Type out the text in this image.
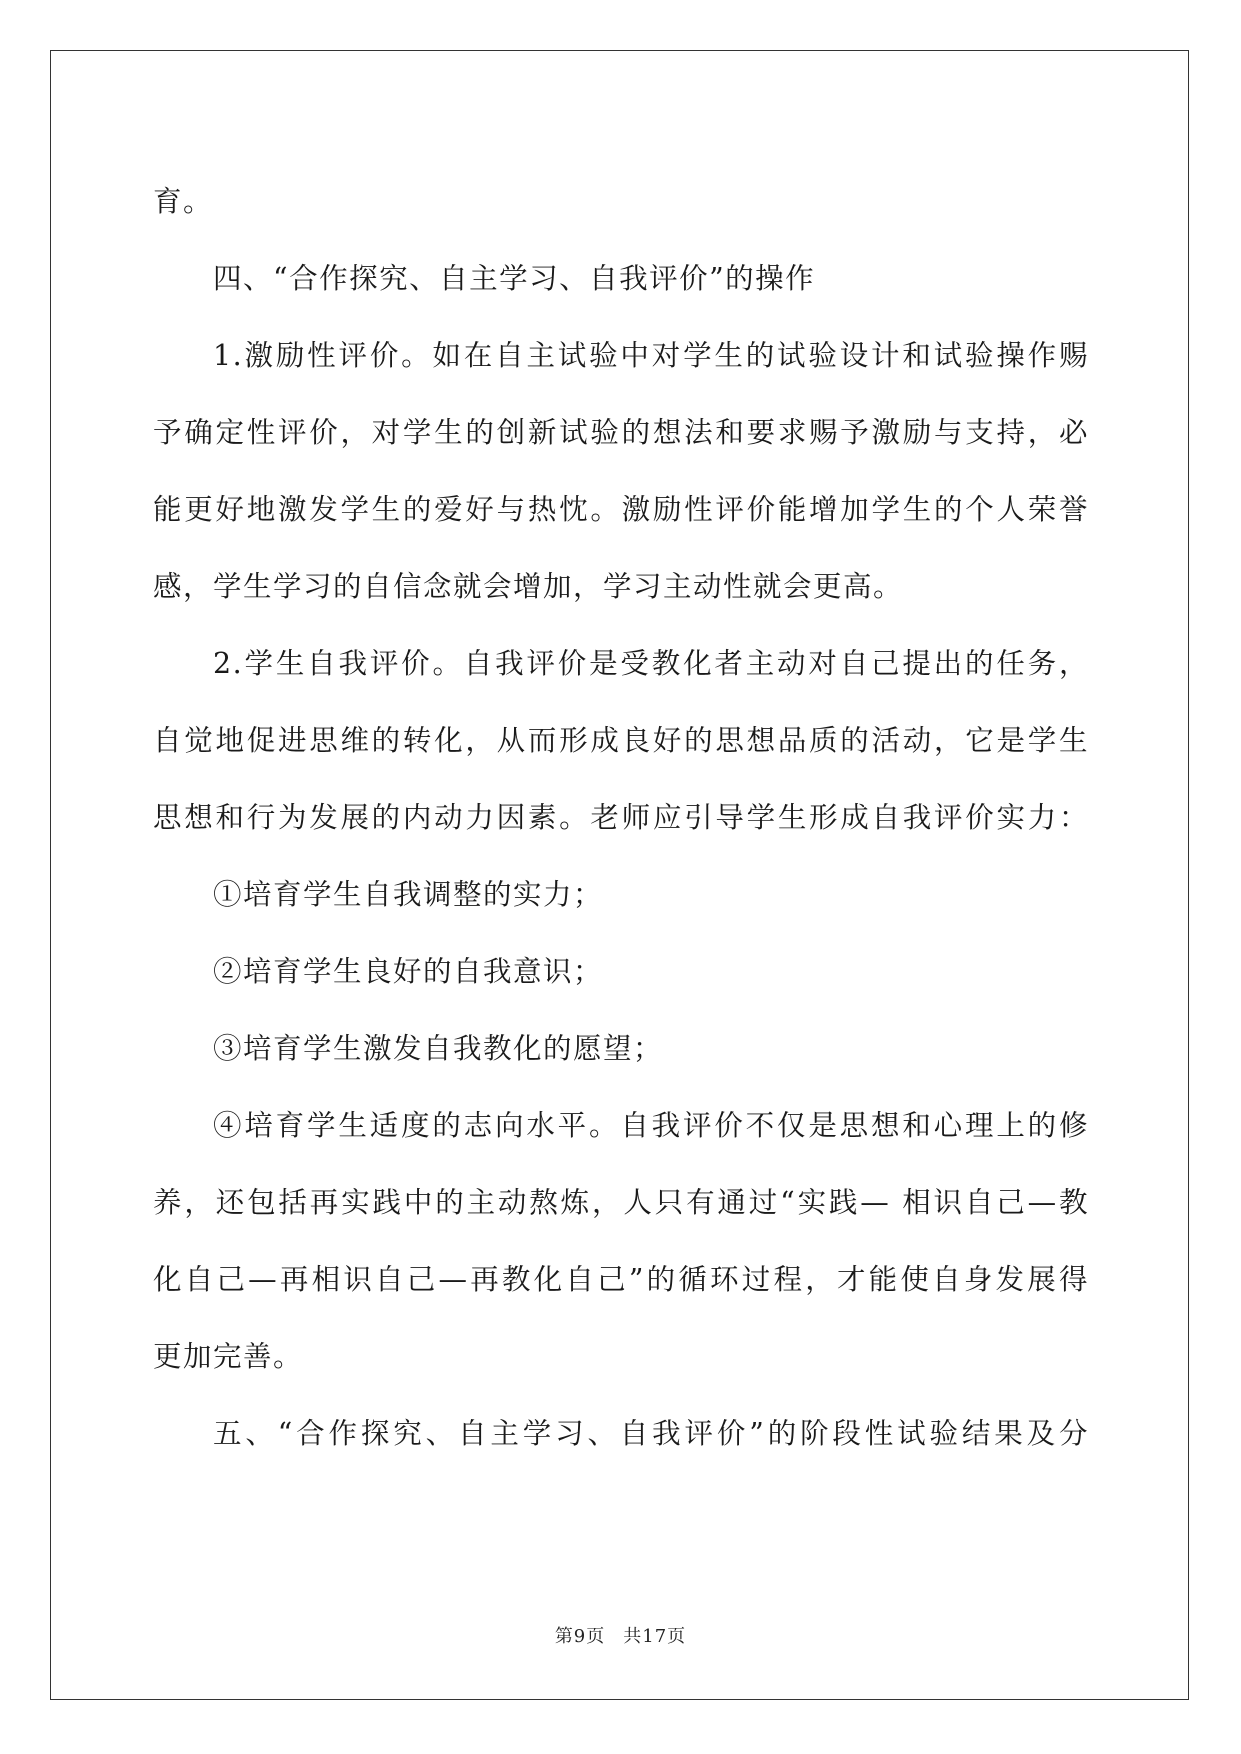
育。
四、“合作探究、自主学习、自我评价”的操作
1.激励性评价。如在自主试验中对学生的试验设计和试验操作赐
予确定性评价，对学生的创新试验的想法和要求赐予激励与支持，必
能更好地激发学生的爱好与热忱。激励性评价能增加学生的个人荣誉
感，学生学习的自信念就会增加，学习主动性就会更高。
2.学生自我评价。自我评价是受教化者主动对自己提出的任务，
自觉地促进思维的转化，从而形成良好的思想品质的活动，它是学生
思想和行为发展的内动力因素。老师应引导学生形成自我评价实力：
①培育学生自我调整的实力；
②培育学生良好的自我意识；
③培育学生激发自我教化的愿望；
④培育学生适度的志向水平。自我评价不仅是思想和心理上的修
养，还包括再实践中的主动熬炼，人只有通过“实践— 相识自己—教
化自己—再相识自己—再教化自己”的循环过程，才能使自身发展得
更加完善。
五、“合作探究、自主学习、自我评价”的阶段性试验结果及分
第9页 共17页
